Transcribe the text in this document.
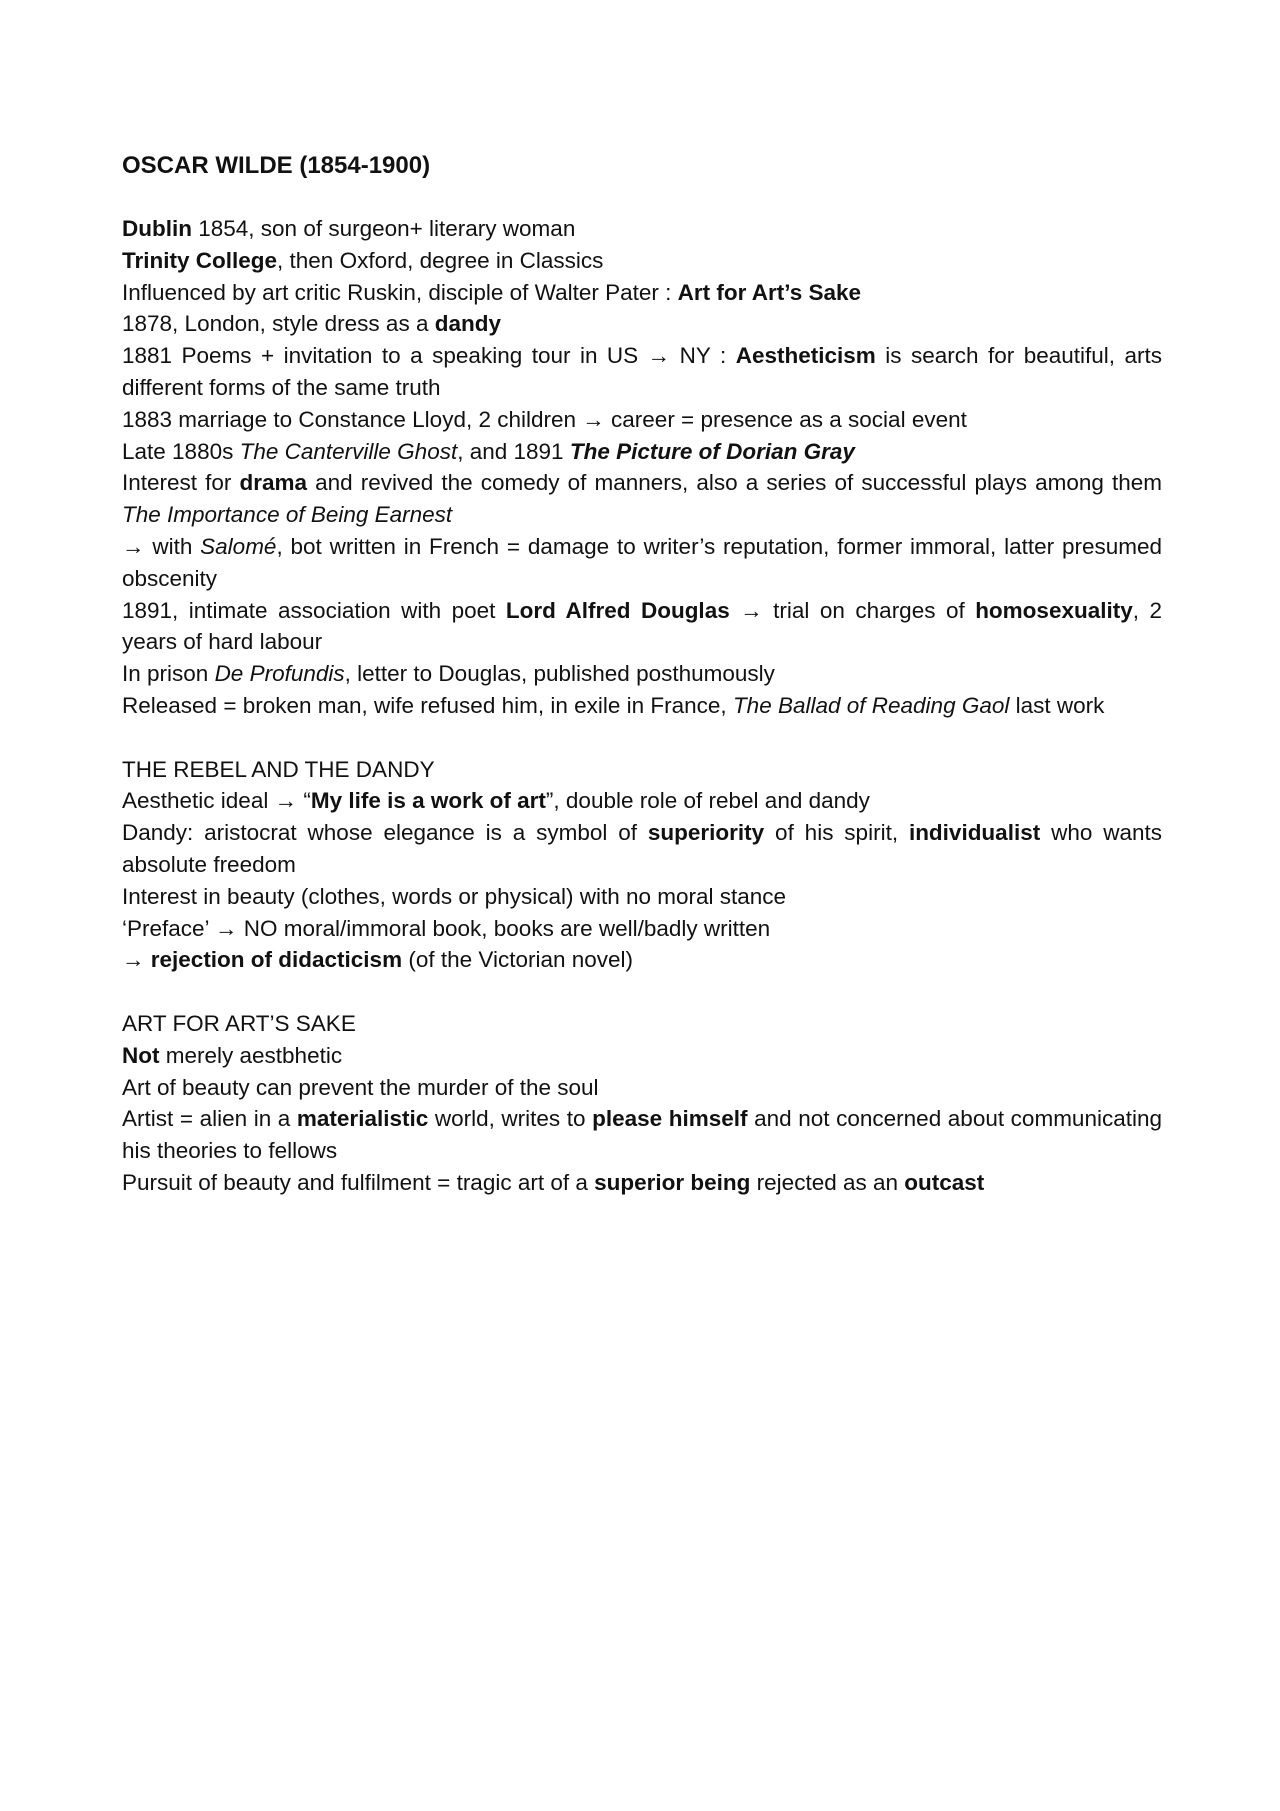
OSCAR WILDE (1854-1900)

Dublin 1854, son of surgeon+ literary woman

Trinity College, then Oxford, degree in Classics

Influenced by art critic Ruskin, disciple of Walter Pater : Art for Art’s Sake

1878, London, style dress as a dandy

1881 Poems + invitation to a speaking tour in US → NY : Aestheticism is search for beautiful, arts different forms of the same truth

1883 marriage to Constance Lloyd, 2 children → career = presence as a social event

Late 1880s The Canterville Ghost, and 1891 The Picture of Dorian Gray

Interest for drama and revived the comedy of manners, also a series of successful plays among them The Importance of Being Earnest

→ with Salomé, bot written in French = damage to writer’s reputation, former immoral, latter presumed obscenity

1891, intimate association with poet Lord Alfred Douglas → trial on charges of homosexuality, 2 years of hard labour

In prison De Profundis, letter to Douglas, published posthumously

Released = broken man, wife refused him, in exile in France, The Ballad of Reading Gaol last work

THE REBEL AND THE DANDY

Aesthetic ideal → “My life is a work of art”, double role of rebel and dandy

Dandy: aristocrat whose elegance is a symbol of superiority of his spirit, individualist who wants absolute freedom

Interest in beauty (clothes, words or physical) with no moral stance

‘Preface’ → NO moral/immoral book, books are well/badly written

→ rejection of didacticism (of the Victorian novel)

ART FOR ART’S SAKE

Not merely aestbhetic

Art of beauty can prevent the murder of the soul

Artist = alien in a materialistic world, writes to please himself and not concerned about communicating his theories to fellows

Pursuit of beauty and fulfilment = tragic art of a superior being rejected as an outcast
